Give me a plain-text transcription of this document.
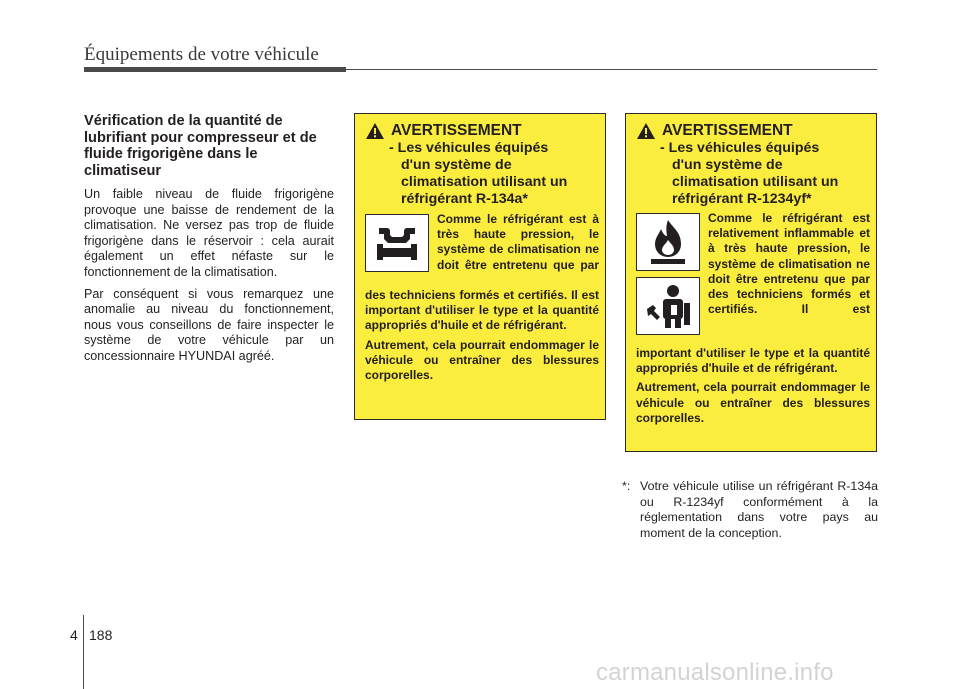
Équipements de votre véhicule
Vérification de la quantité de lubrifiant pour compresseur et de fluide frigorigène dans le climatiseur

Un faible niveau de fluide frigorigène provoque une baisse de rendement de la climatisation. Ne versez pas trop de fluide frigorigène dans le réservoir : cela aurait également un effet néfaste sur le fonctionnement de la climatisation.

Par conséquent si vous remarquez une anomalie au niveau du fonctionnement, nous vous conseillons de faire inspecter le système de votre véhicule par un concessionnaire HYUNDAI agréé.

AVERTISSEMENT
- Les véhicules équipés
d'un système de climatisation utilisant un réfrigérant R-134a*

Comme le réfrigérant est à très haute pression, le système de climatisation ne doit être entretenu que par

des techniciens formés et certifiés. Il est important d'utiliser le type et la quantité appropriés d'huile et de réfrigérant.

Autrement, cela pourrait endommager le véhicule ou entraîner des blessures corporelles.

AVERTISSEMENT
- Les véhicules équipés
d'un système de climatisation utilisant un réfrigérant R-1234yf*

Comme le réfrigérant est relativement inflammable et à très haute pression, le système de climatisation ne doit être entretenu que par des techniciens formés et certifiés. Il est

important d'utiliser le type et la quantité appropriés d'huile et de réfrigérant.

Autrement, cela pourrait endommager le véhicule ou entraîner des blessures corporelles.

*: Votre véhicule utilise un réfrigérant R-134a ou R-1234yf conformément à la réglementation dans votre pays au moment de la conception.
4 188
carmanualsonline.info
